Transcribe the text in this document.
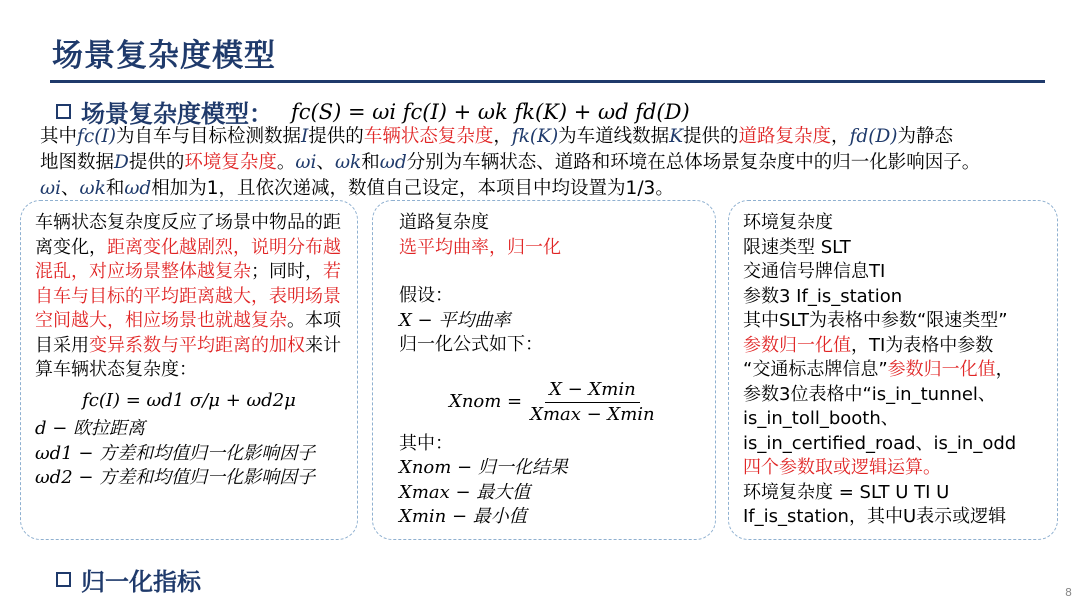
场景复杂度模型
场景复杂度模型： fc(S) = ωi fc(I) + ωk fk(K) + ωd fd(D)
其中fc(I)为自车与目标检测数据I提供的车辆状态复杂度，fk(K)为车道线数据K提供的道路复杂度，fd(D)为静态
地图数据D提供的环境复杂度。ωi、ωk和ωd分别为车辆状态、道路和环境在总体场景复杂度中的归一化影响因子。
ωi、ωk和ωd相加为1，且依次递减，数值自己设定，本项目中均设置为1/3。
车辆状态复杂度反应了场景中物品的距离变化，距离变化越剧烈，说明分布越混乱，对应场景整体越复杂；同时，若自车与目标的平均距离越大，表明场景空间越大，相应场景也就越复杂。本项目采用变异系数与平均距离的加权来计算车辆状态复杂度：
fc(I) = ωd1 σ/μ + ωd2μ
d − 欧拉距离
ωd1 − 方差和均值归一化影响因子
ωd2 − 方差和均值归一化影响因子
道路复杂度
选平均曲率，归一化
假设：
X − 平均曲率
归一化公式如下：
Xnom =
X − Xmin
Xmax − Xmin
其中：
Xnom − 归一化结果
Xmax − 最大值
Xmin − 最小值
环境复杂度
限速类型 SLT
交通信号牌信息TI
参数3 If_is_station
其中SLT为表格中参数“限速类型”
参数归一化值，TI为表格中参数
“交通标志牌信息”参数归一化值，
参数3位表格中“is_in_tunnel、
is_in_toll_booth、
is_in_certified_road、is_in_odd
四个参数取或逻辑运算。
环境复杂度 = SLT U TI U
If_is_station，其中U表示或逻辑
归一化指标	8
